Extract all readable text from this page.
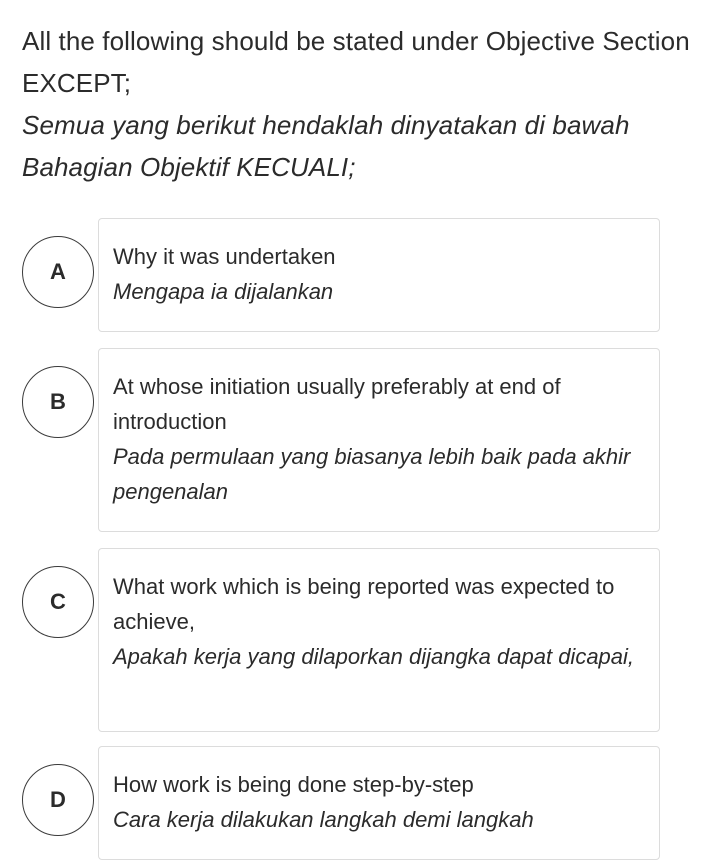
All the following should be stated under Objective Section EXCEPT;
Semua yang berikut hendaklah dinyatakan di bawah Bahagian Objektif KECUALI;
A
Why it was undertaken
Mengapa ia dijalankan
B
At whose initiation usually preferably at end of introduction
Pada permulaan yang biasanya lebih baik pada akhir pengenalan
C
What work which is being reported was expected to achieve,
Apakah kerja yang dilaporkan dijangka dapat dicapai,
D
How work is being done step-by-step
Cara kerja dilakukan langkah demi langkah
